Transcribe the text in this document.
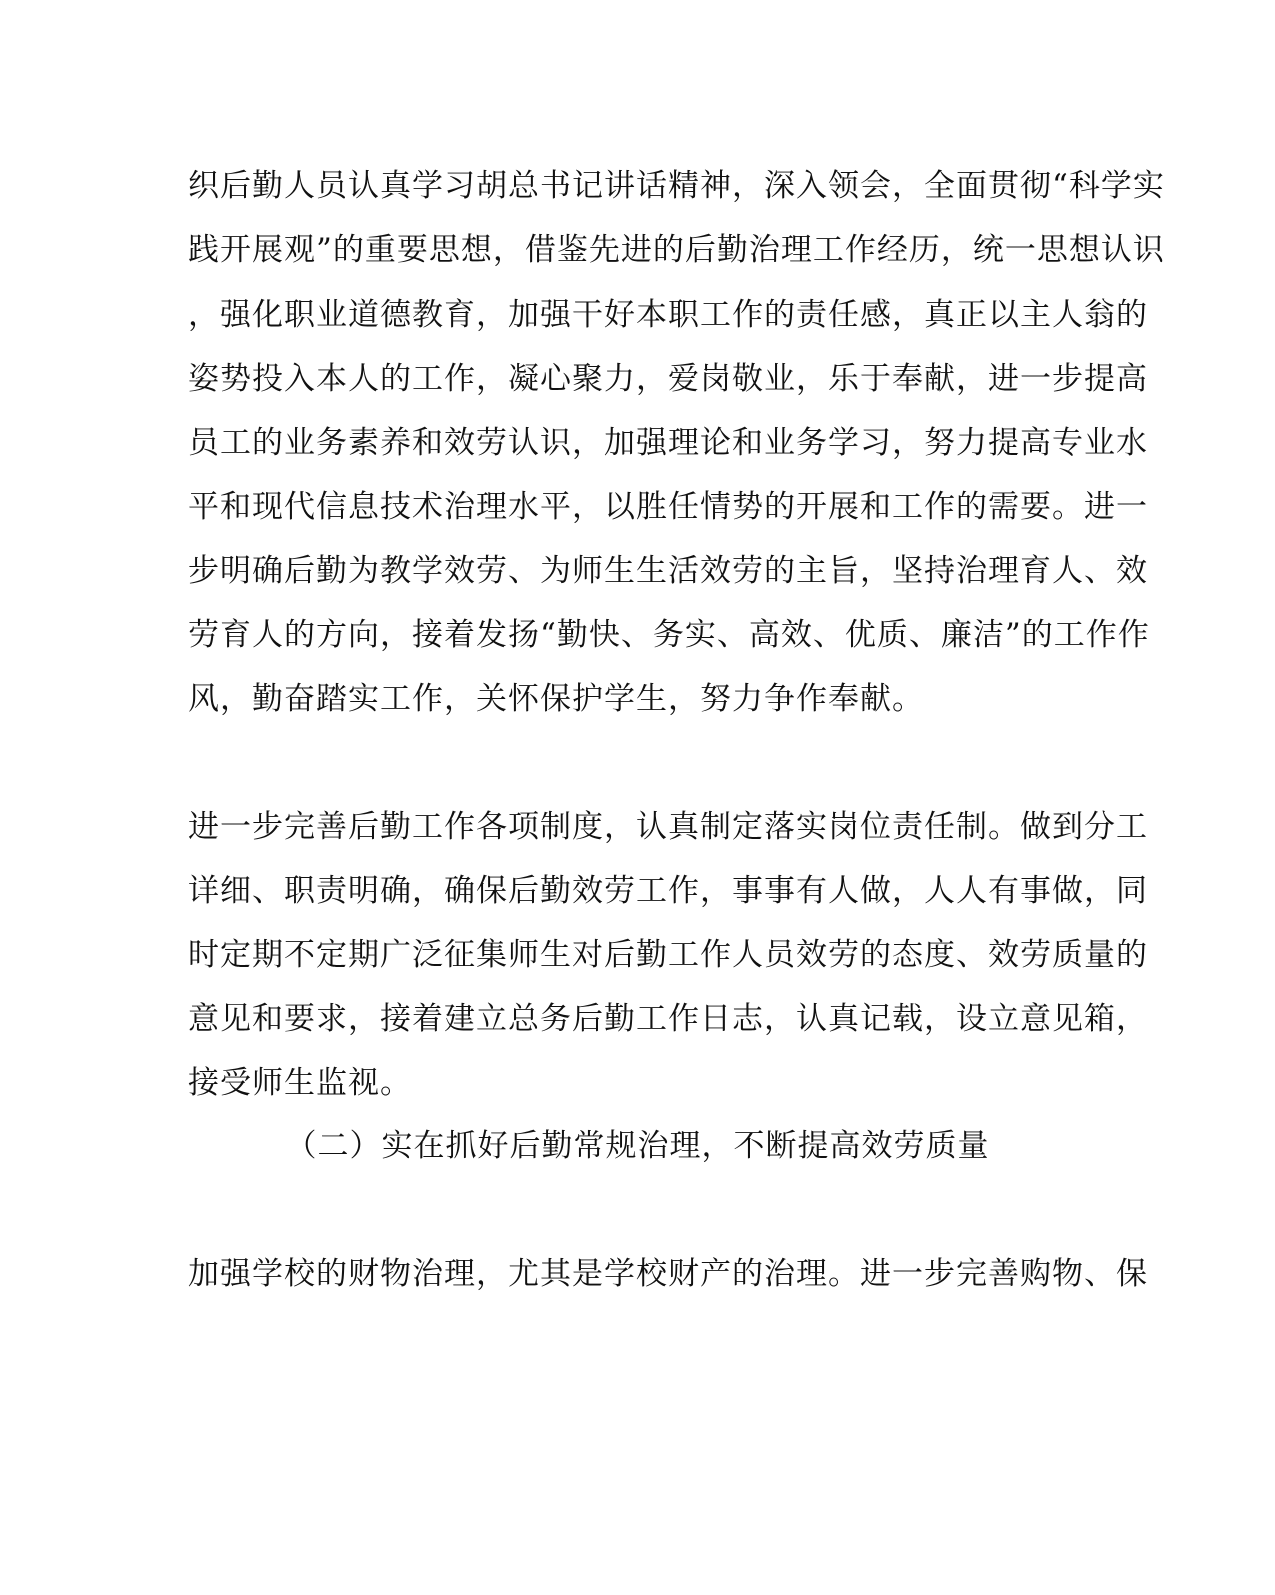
织后勤人员认真学习胡总书记讲话精神，深入领会，全面贯彻“科学实
践开展观”的重要思想，借鉴先进的后勤治理工作经历，统一思想认识
，强化职业道德教育，加强干好本职工作的责任感，真正以主人翁的
姿势投入本人的工作，凝心聚力，爱岗敬业，乐于奉献，进一步提高
员工的业务素养和效劳认识，加强理论和业务学习，努力提高专业水
平和现代信息技术治理水平，以胜任情势的开展和工作的需要。进一
步明确后勤为教学效劳、为师生生活效劳的主旨，坚持治理育人、效
劳育人的方向，接着发扬“勤快、务实、高效、优质、廉洁”的工作作
风，勤奋踏实工作，关怀保护学生，努力争作奉献。
进一步完善后勤工作各项制度，认真制定落实岗位责任制。做到分工
详细、职责明确，确保后勤效劳工作，事事有人做，人人有事做，同
时定期不定期广泛征集师生对后勤工作人员效劳的态度、效劳质量的
意见和要求，接着建立总务后勤工作日志，认真记载，设立意见箱，
接受师生监视。
（二）实在抓好后勤常规治理，不断提高效劳质量
加强学校的财物治理，尤其是学校财产的治理。进一步完善购物、保
